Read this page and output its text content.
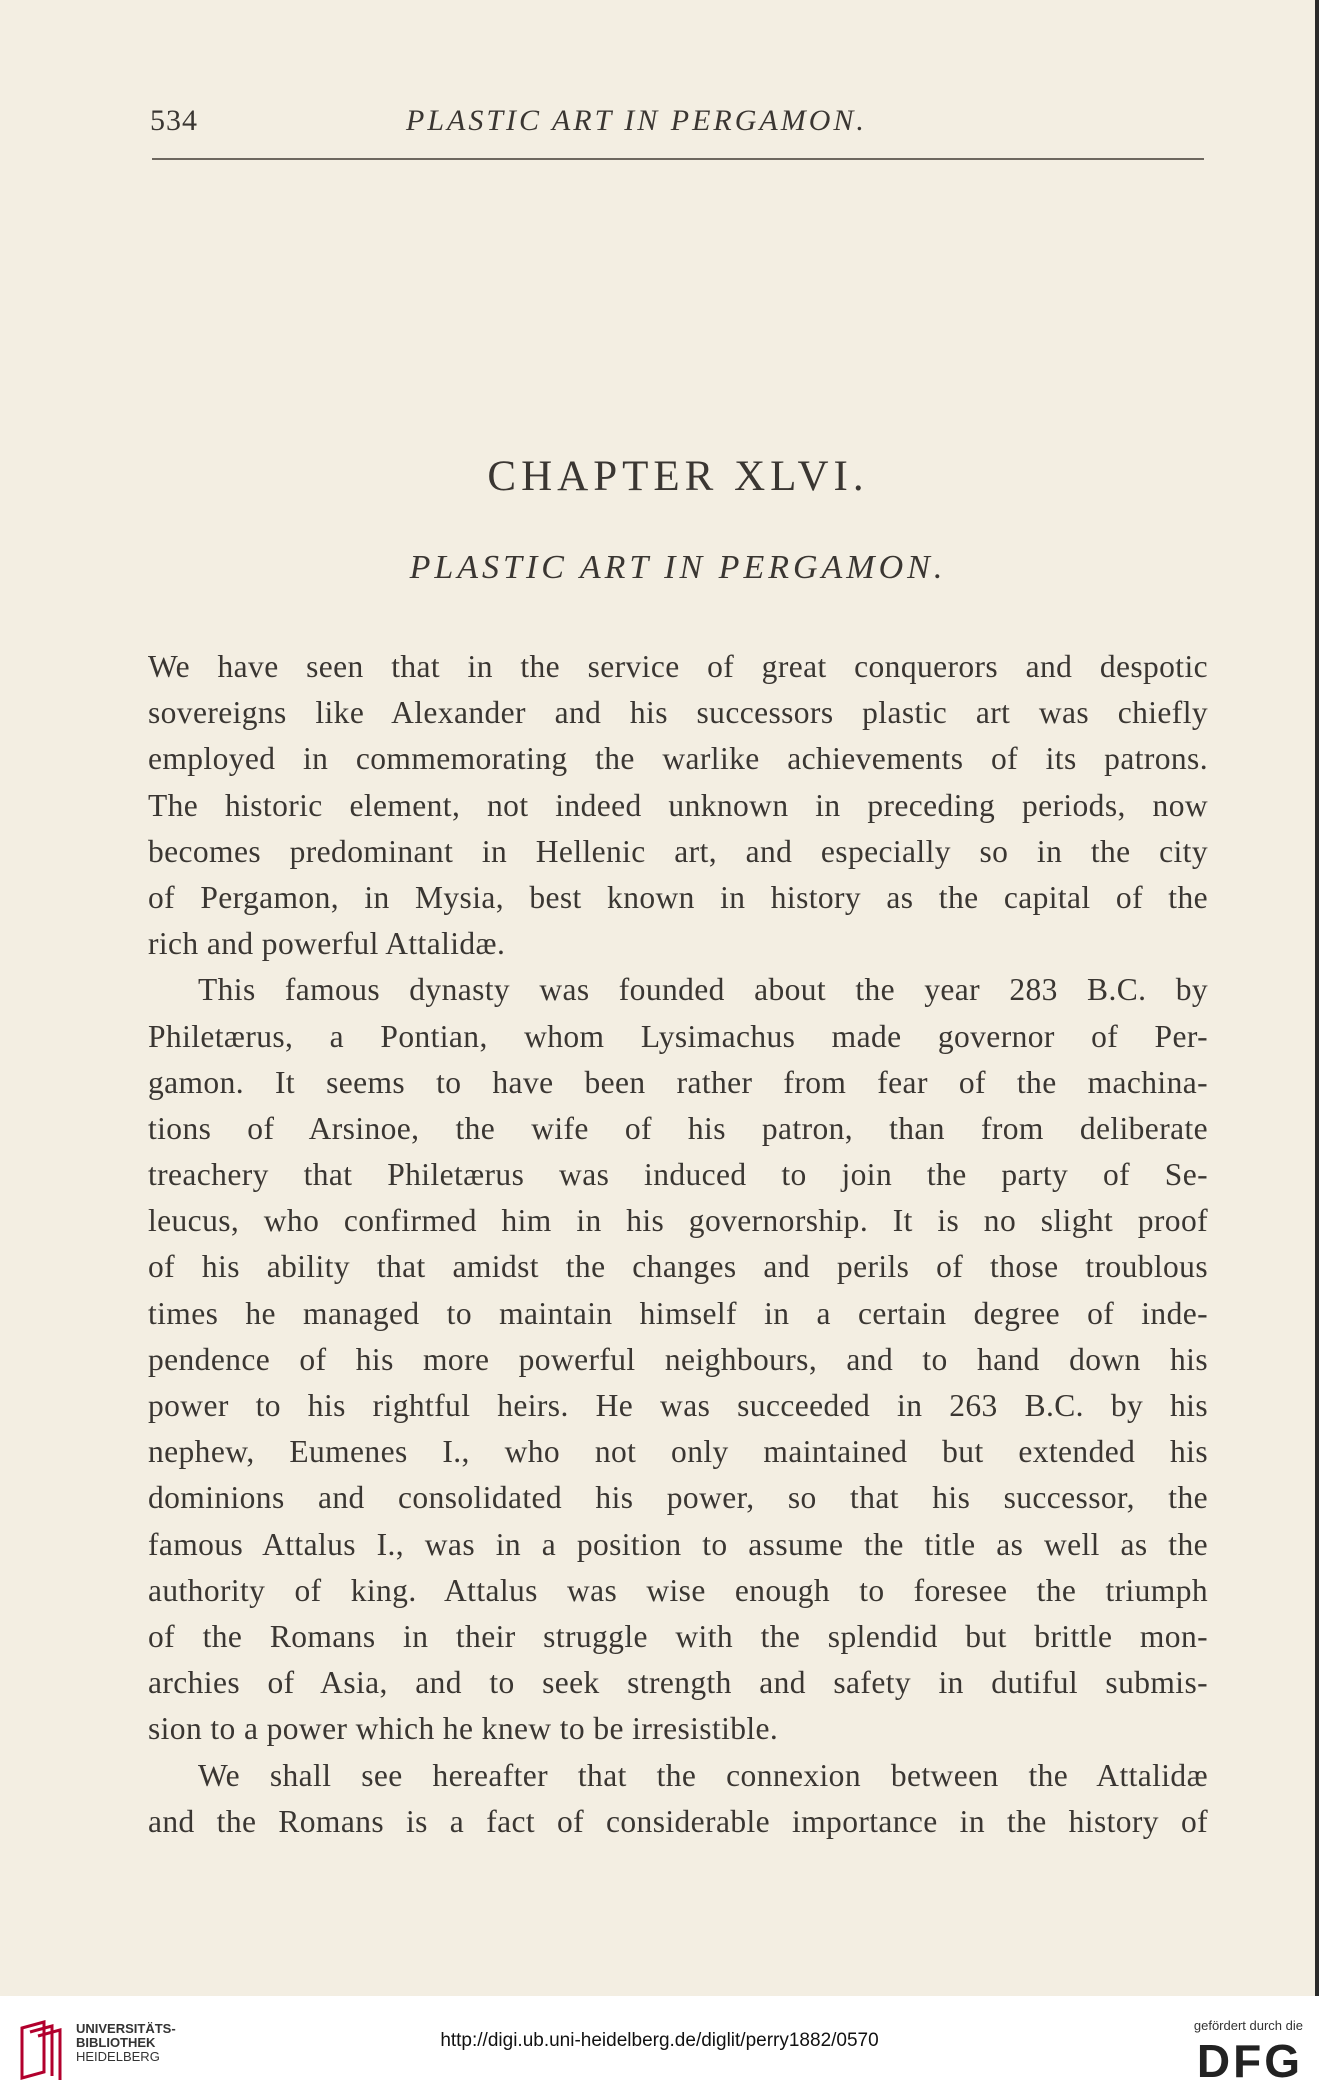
534	PLASTIC ART IN PERGAMON.
CHAPTER XLVI.
PLASTIC ART IN PERGAMON.
We have seen that in the service of great conquerors and despotic
sovereigns like Alexander and his successors plastic art was chiefly
employed in commemorating the warlike achievements of its patrons.
The historic element, not indeed unknown in preceding periods, now
becomes predominant in Hellenic art, and especially so in the city
of Pergamon, in Mysia, best known in history as the capital of the
rich and powerful Attalidæ.
This famous dynasty was founded about the year 283 B.C. by
Philetærus, a Pontian, whom Lysimachus made governor of Per-
gamon. It seems to have been rather from fear of the machina-
tions of Arsinoe, the wife of his patron, than from deliberate
treachery that Philetærus was induced to join the party of Se-
leucus, who confirmed him in his governorship. It is no slight proof
of his ability that amidst the changes and perils of those troublous
times he managed to maintain himself in a certain degree of inde-
pendence of his more powerful neighbours, and to hand down his
power to his rightful heirs. He was succeeded in 263 B.C. by his
nephew, Eumenes I., who not only maintained but extended his
dominions and consolidated his power, so that his successor, the
famous Attalus I., was in a position to assume the title as well as the
authority of king. Attalus was wise enough to foresee the triumph
of the Romans in their struggle with the splendid but brittle mon-
archies of Asia, and to seek strength and safety in dutiful submis-
sion to a power which he knew to be irresistible.
We shall see hereafter that the connexion between the Attalidæ
and the Romans is a fact of considerable importance in the history of
UNIVERSITÄTS-
BIBLIOTHEK
HEIDELBERG
http://digi.ub.uni-heidelberg.de/diglit/perry1882/0570
gefördert durch die
DFG
